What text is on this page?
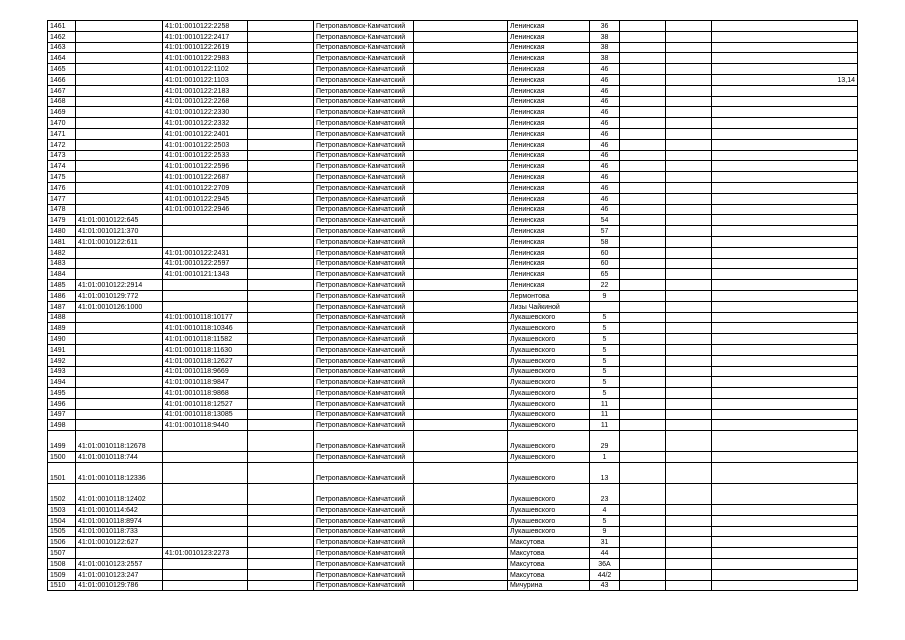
1461		41:01:0010122:2258		Петропавловск-Камчатский		Ленинская	36			
1462		41:01:0010122:2417		Петропавловск-Камчатский		Ленинская	38			
1463		41:01:0010122:2619		Петропавловск-Камчатский		Ленинская	38			
1464		41:01:0010122:2983		Петропавловск-Камчатский		Ленинская	38			
1465		41:01:0010122:1102		Петропавловск-Камчатский		Ленинская	46			
1466		41:01:0010122:1103		Петропавловск-Камчатский		Ленинская	46			13,14
1467		41:01:0010122:2183		Петропавловск-Камчатский		Ленинская	46			
1468		41:01:0010122:2268		Петропавловск-Камчатский		Ленинская	46			
1469		41:01:0010122:2330		Петропавловск-Камчатский		Ленинская	46			
1470		41:01:0010122:2332		Петропавловск-Камчатский		Ленинская	46			
1471		41:01:0010122:2401		Петропавловск-Камчатский		Ленинская	46			
1472		41:01:0010122:2503		Петропавловск-Камчатский		Ленинская	46			
1473		41:01:0010122:2533		Петропавловск-Камчатский		Ленинская	46			
1474		41:01:0010122:2596		Петропавловск-Камчатский		Ленинская	46			
1475		41:01:0010122:2687		Петропавловск-Камчатский		Ленинская	46			
1476		41:01:0010122:2709		Петропавловск-Камчатский		Ленинская	46			
1477		41:01:0010122:2945		Петропавловск-Камчатский		Ленинская	46			
1478		41:01:0010122:2946		Петропавловск-Камчатский		Ленинская	46			
1479	41:01:0010122:645			Петропавловск-Камчатский		Ленинская	54			
1480	41:01:0010121:370			Петропавловск-Камчатский		Ленинская	57			
1481	41:01:0010122:611			Петропавловск-Камчатский		Ленинская	58			
1482		41:01:0010122:2431		Петропавловск-Камчатский		Ленинская	60			
1483		41:01:0010122:2597		Петропавловск-Камчатский		Ленинская	60			
1484		41:01:0010121:1343		Петропавловск-Камчатский		Ленинская	65			
1485	41:01:0010122:2914			Петропавловск-Камчатский		Ленинская	22			
1486	41:01:0010129:772			Петропавловск-Камчатский		Лермонтова	9			
1487	41:01:0010126:1000			Петропавловск-Камчатский		Лизы Чайкиной				
1488		41:01:0010118:10177		Петропавловск-Камчатский		Лукашевского	5			
1489		41:01:0010118:10346		Петропавловск-Камчатский		Лукашевского	5			
1490		41:01:0010118:11582		Петропавловск-Камчатский		Лукашевского	5			
1491		41:01:0010118:11630		Петропавловск-Камчатский		Лукашевского	5			
1492		41:01:0010118:12627		Петропавловск-Камчатский		Лукашевского	5			
1493		41:01:0010118:9669		Петропавловск-Камчатский		Лукашевского	5			
1494		41:01:0010118:9847		Петропавловск-Камчатский		Лукашевского	5			
1495		41:01:0010118:9868		Петропавловск-Камчатский		Лукашевского	5			
1496		41:01:0010118:12527		Петропавловск-Камчатский		Лукашевского	11			
1497		41:01:0010118:13085		Петропавловск-Камчатский		Лукашевского	11			
1498		41:01:0010118:9440		Петропавловск-Камчатский		Лукашевского	11			
1499	41:01:0010118:12678			Петропавловск-Камчатский		Лукашевского	29			
1500	41:01:0010118:744			Петропавловск-Камчатский		Лукашевского	1			
1501	41:01:0010118:12336			Петропавловск-Камчатский		Лукашевского	13			
1502	41:01:0010118:12402			Петропавловск-Камчатский		Лукашевского	23			
1503	41:01:0010114:642			Петропавловск-Камчатский		Лукашевского	4			
1504	41:01:0010118:8974			Петропавловск-Камчатский		Лукашевского	5			
1505	41:01:0010118:733			Петропавловск-Камчатский		Лукашевского	9			
1506	41:01:0010122:627			Петропавловск-Камчатский		Максутова	31			
1507		41:01:0010123:2273		Петропавловск-Камчатский		Максутова	44			
1508	41:01:0010123:2557			Петропавловск-Камчатский		Максутова	36А			
1509	41:01:0010123:247			Петропавловск-Камчатский		Максутова	44/2			
1510	41:01:0010129:786			Петропавловск-Камчатский		Мичурина	43			
